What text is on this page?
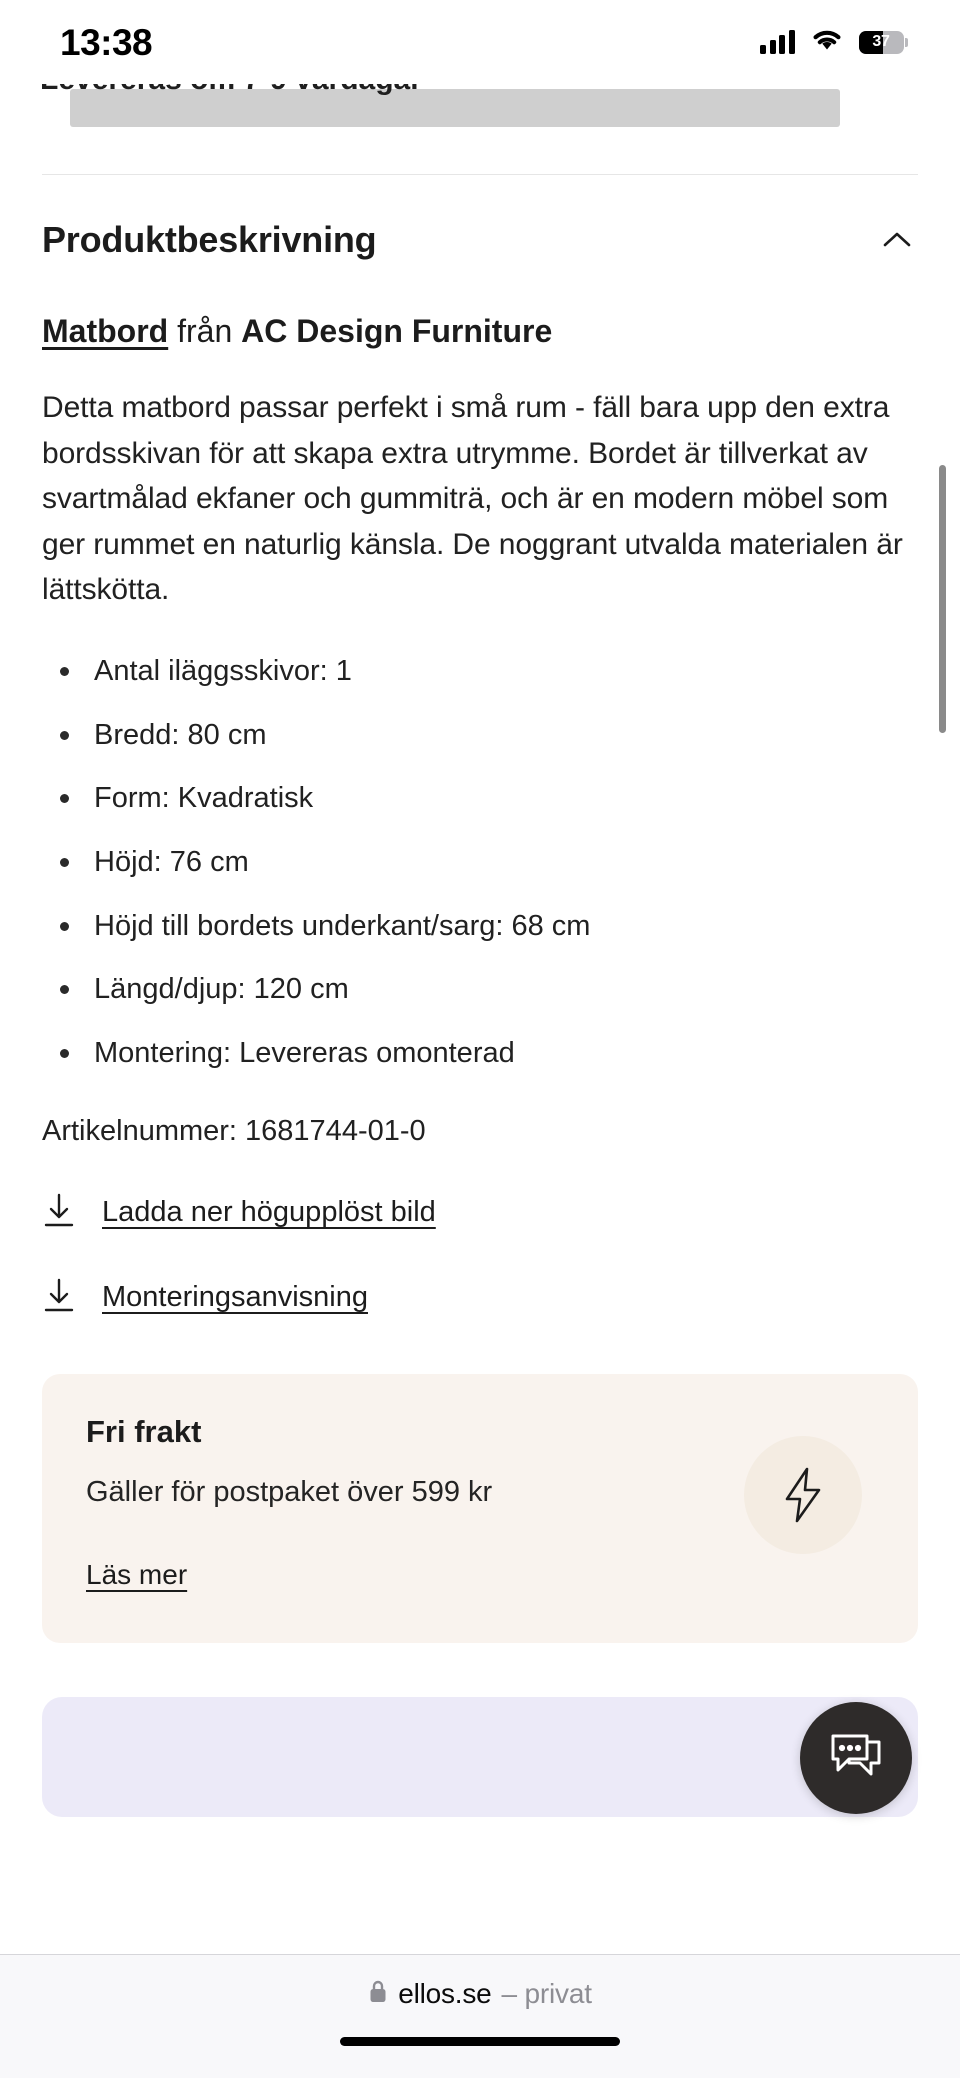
13:38	37
Produktbeskrivning
Matbord från AC Design Furniture

Detta matbord passar perfekt i små rum - fäll bara upp den extra bordsskivan för att skapa extra utrymme. Bordet är tillverkat av svartmålad ekfaner och gummiträ, och är en modern möbel som ger rummet en naturlig känsla. De noggrant utvalda materialen är lättskötta.

Antal iläggsskivor: 1
Bredd: 80 cm
Form: Kvadratisk
Höjd: 76 cm
Höjd till bordets underkant/sarg: 68 cm
Längd/djup: 120 cm
Montering: Levereras omonterad
Artikelnummer: 1681744-01-0
Ladda ner högupplöst bild
Monteringsanvisning
Fri frakt
Gäller för postpaket över 599 kr
Läs mer
ellos.se – privat
